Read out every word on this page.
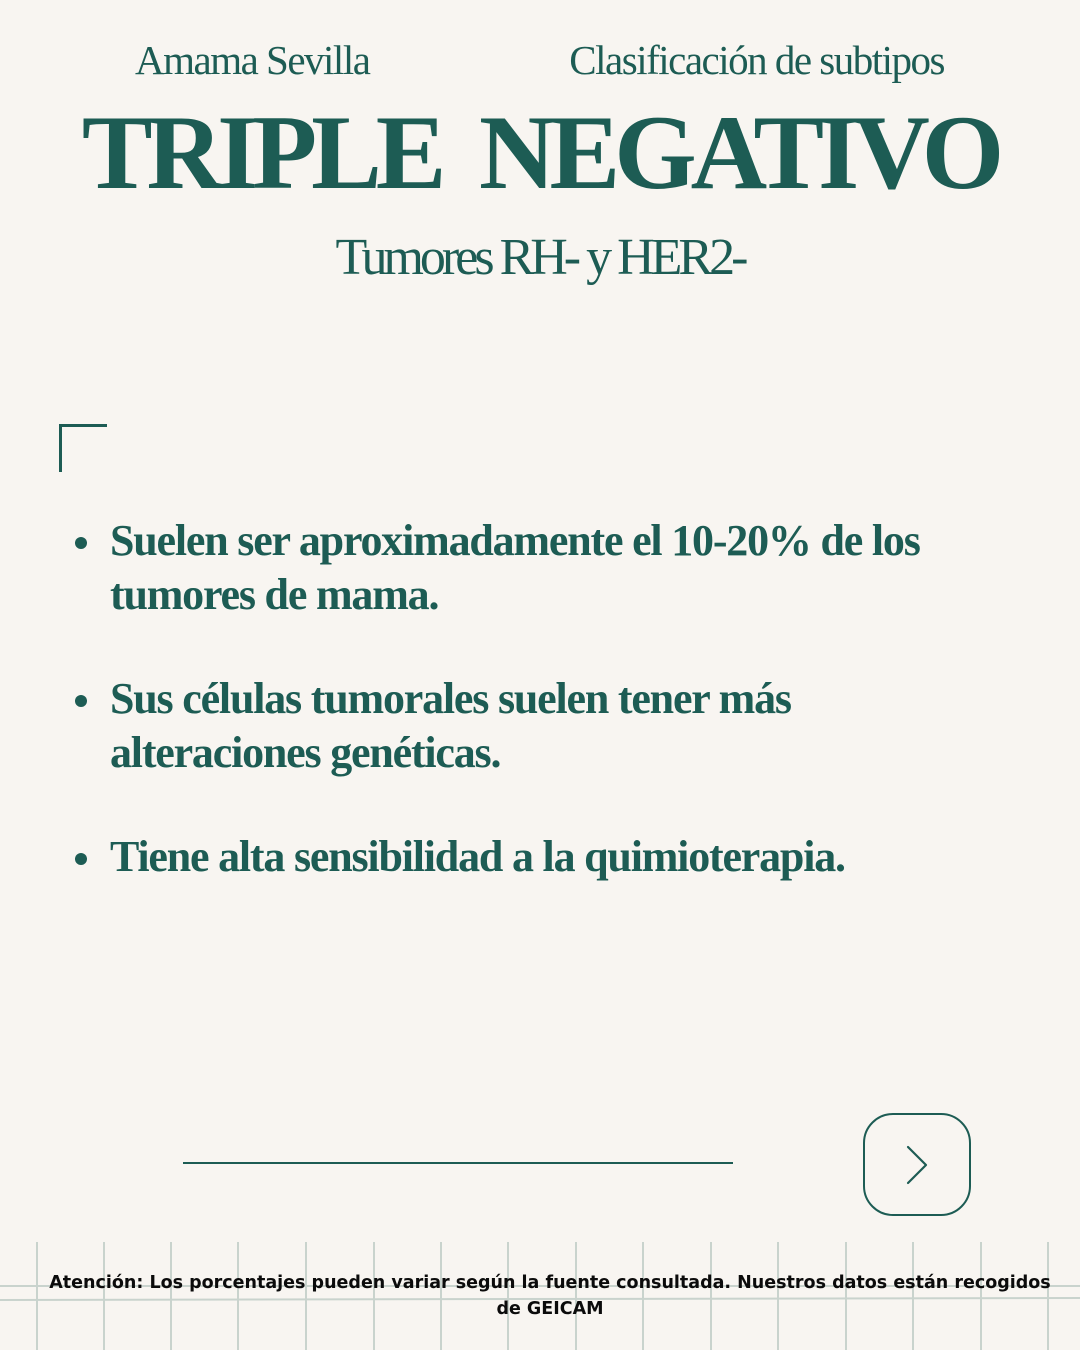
Amama Sevilla	Clasificación de subtipos
TRIPLE NEGATIVO
Tumores RH- y HER2-
Suelen ser aproximadamente el 10-20% de los tumores de mama.
Sus células tumorales suelen tener más alteraciones genéticas.
Tiene alta sensibilidad a la quimioterapia.
Atención: Los porcentajes pueden variar según la fuente consultada. Nuestros datos están recogidos de GEICAM
